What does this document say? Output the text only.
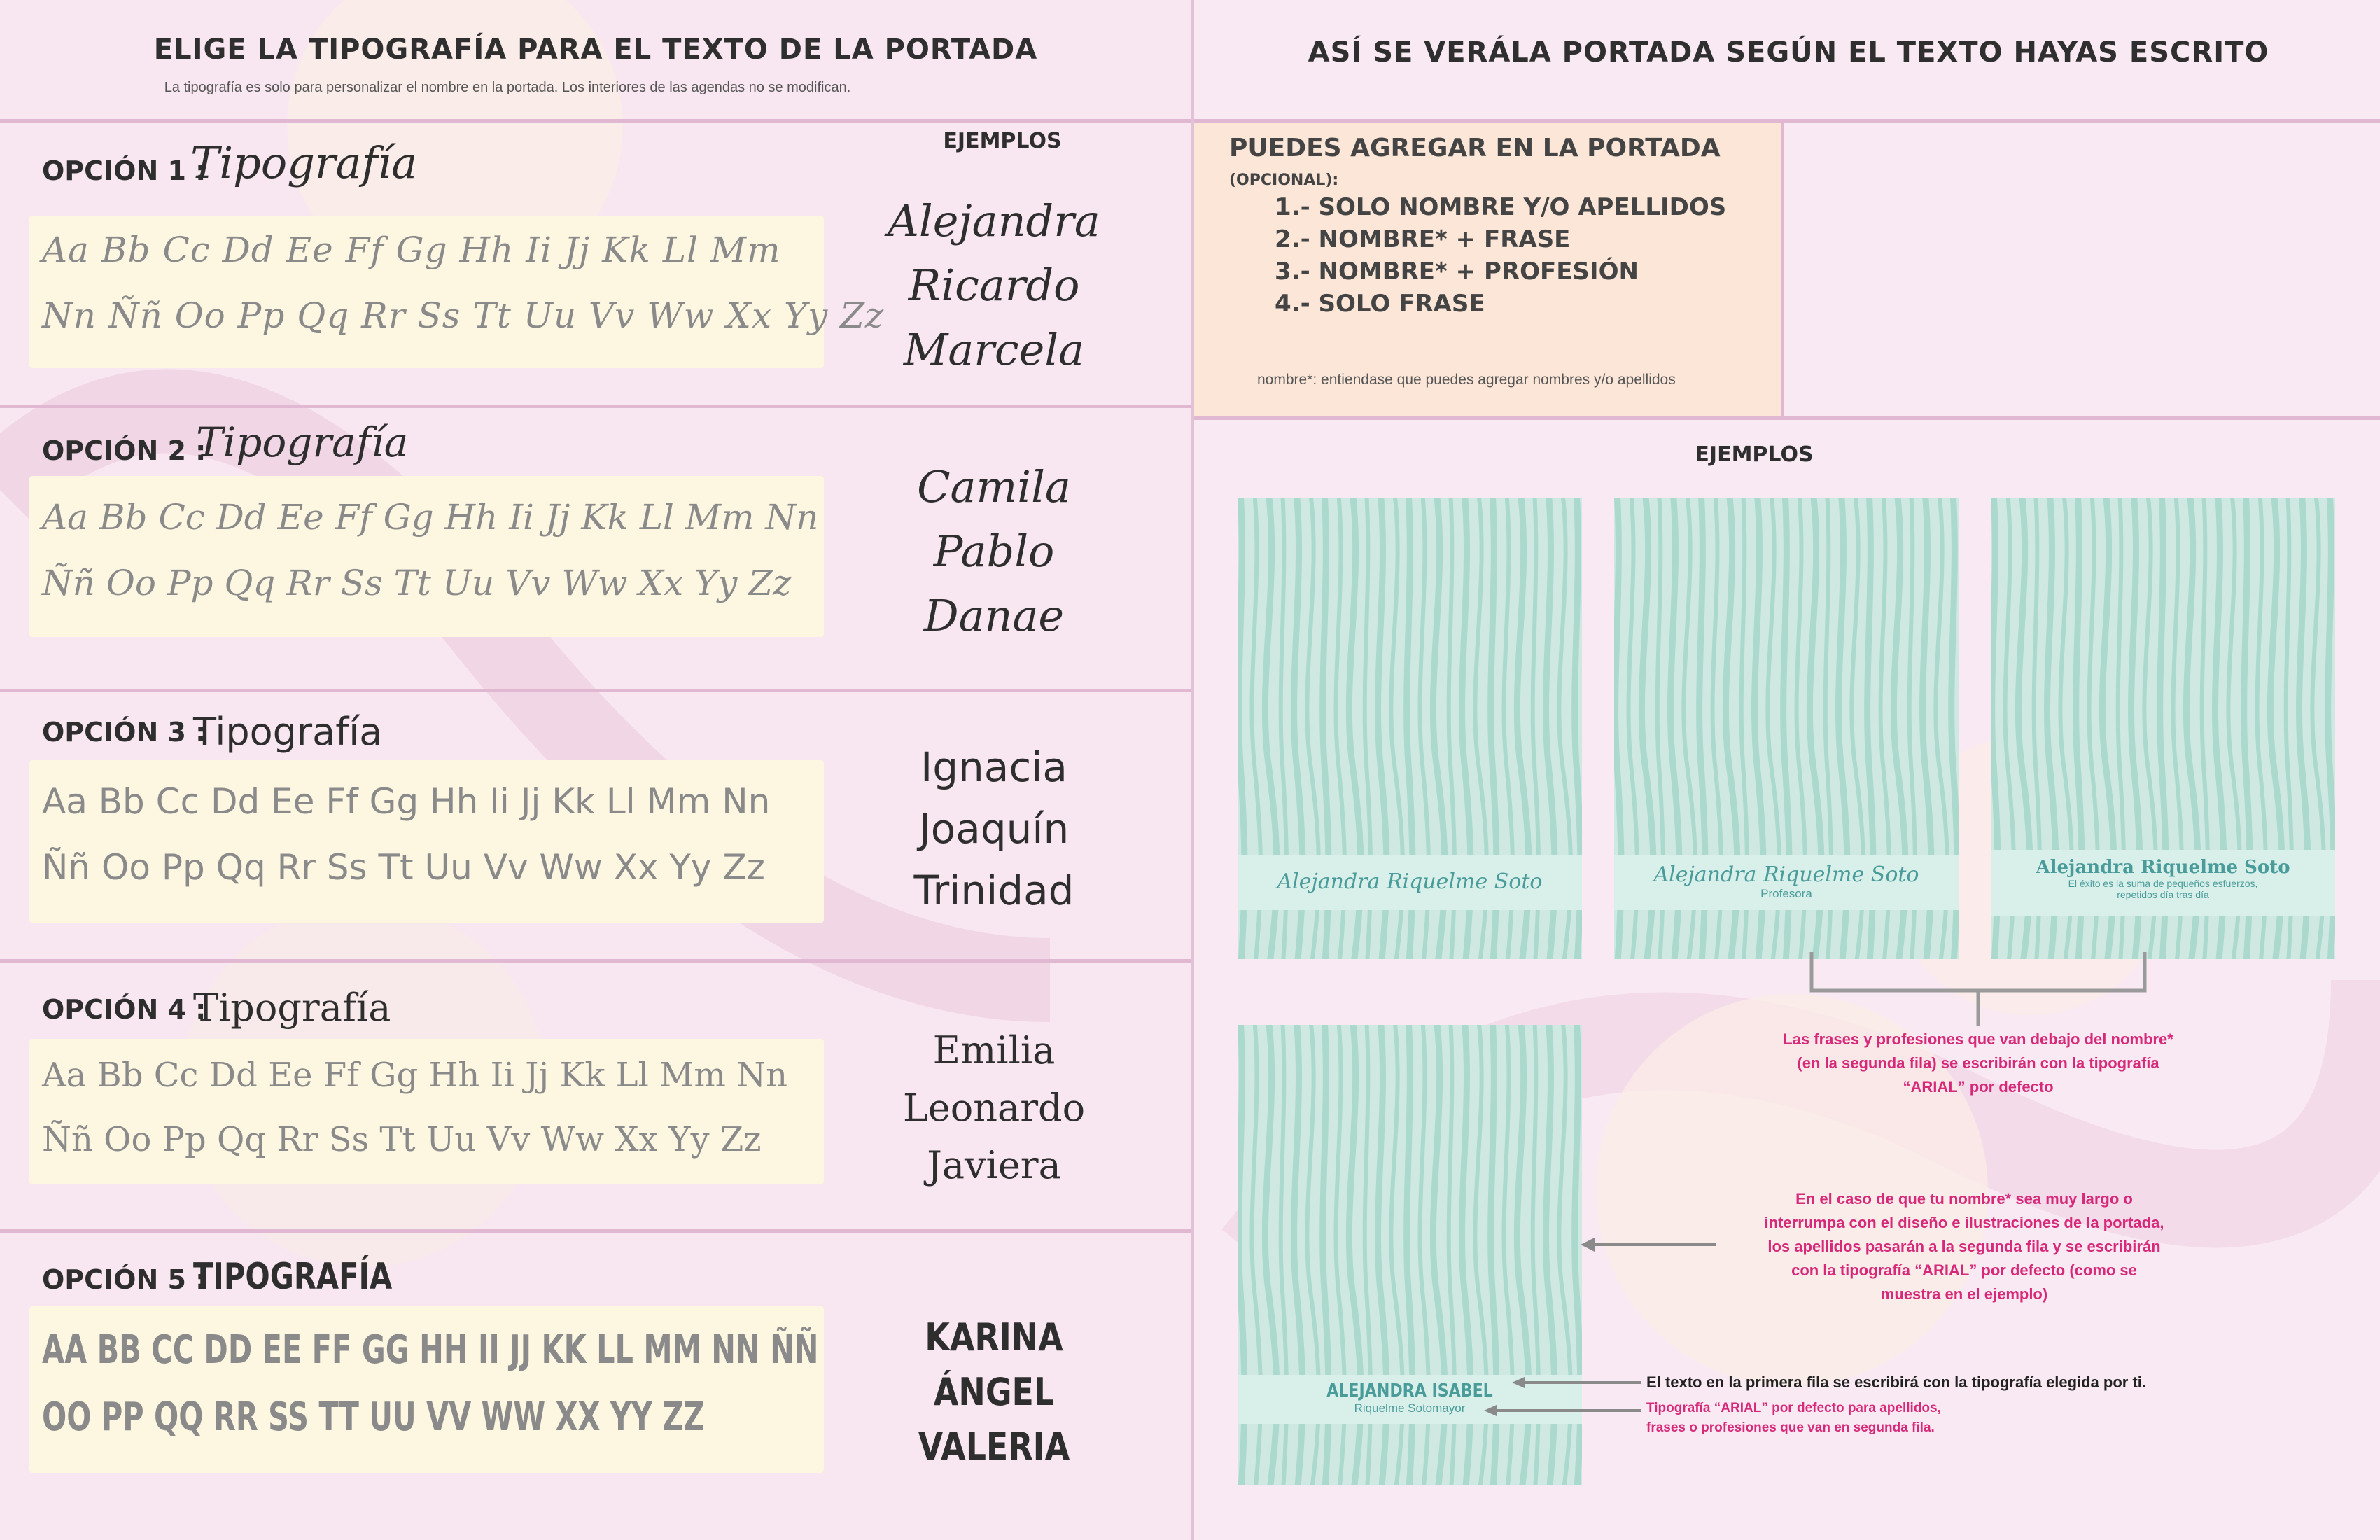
ELIGE LA TIPOGRAFÍA PARA EL TEXTO DE LA PORTADA
La tipografía es solo para personalizar el nombre en la portada. Los interiores de las agendas no se modifican.
EJEMPLOS
OPCIÓN 1 :
Tipografía
Aa Bb Cc Dd Ee Ff Gg Hh Ii Jj Kk Ll Mm
Nn Ññ Oo Pp Qq Rr Ss Tt Uu Vv Ww Xx Yy Zz
Alejandra
Ricardo
Marcela
OPCIÓN 2 :
Tipografía
Aa Bb Cc Dd Ee Ff Gg Hh Ii Jj Kk Ll Mm Nn
Ññ Oo Pp Qq Rr Ss Tt Uu Vv Ww Xx Yy Zz
Camila
Pablo
Danae
OPCIÓN 3 :
Tipografía
Aa Bb Cc Dd Ee Ff Gg Hh Ii Jj Kk Ll Mm Nn
Ññ Oo Pp Qq Rr Ss Tt Uu Vv Ww Xx Yy Zz
Ignacia
Joaquín
Trinidad
OPCIÓN 4 :
Tipografía
Aa Bb Cc Dd Ee Ff Gg Hh Ii Jj Kk Ll Mm Nn
Ññ Oo Pp Qq Rr Ss Tt Uu Vv Ww Xx Yy Zz
Emilia
Leonardo
Javiera
OPCIÓN 5 :
TIPOGRAFÍA
AA BB CC DD EE FF GG HH II JJ KK LL MM NN ÑÑ
OO PP QQ RR SS TT UU VV WW XX YY ZZ
KARINA
ÁNGEL
VALERIA
ASÍ SE VERÁLA PORTADA SEGÚN EL TEXTO HAYAS ESCRITO
PUEDES AGREGAR EN LA PORTADA (OPCIONAL):
1.- SOLO NOMBRE Y/O APELLIDOS
2.- NOMBRE* + FRASE
3.- NOMBRE* + PROFESIÓN
4.- SOLO FRASE
nombre*: entiendase que puedes agregar nombres y/o apellidos
EJEMPLOS
Alejandra Riquelme Soto	Alejandra Riquelme Soto
Profesora
Alejandra Riquelme Soto
El éxito es la suma de pequeños esfuerzos,
repetidos día tras día
Las frases y profesiones que van debajo del nombre*
(en la segunda fila) se escribirán con la tipografía
“ARIAL” por defecto
ALEJANDRA ISABEL
Riquelme Sotomayor
En el caso de que tu nombre* sea muy largo o
interrumpa con el diseño e ilustraciones de la portada,
los apellidos pasarán a la segunda fila y se escribirán
con la tipografía “ARIAL” por defecto (como se
muestra en el ejemplo)
El texto en la primera fila se escribirá con la tipografía elegida por ti.
Tipografía “ARIAL” por defecto para apellidos,
frases o profesiones que van en segunda fila.
